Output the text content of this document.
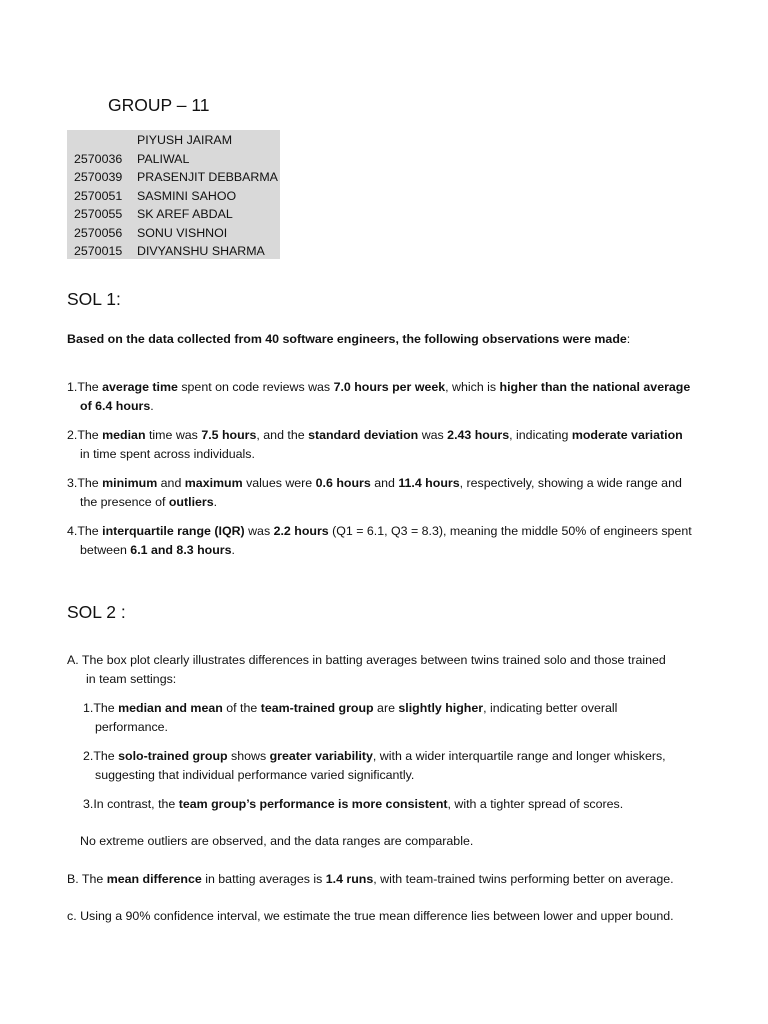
GROUP – 11
PIYUSH JAIRAM
2570036 PALIWAL
2570039 PRASENJIT DEBBARMA
2570051 SASMINI SAHOO
2570055 SK AREF ABDAL
2570056 SONU VISHNOI
2570015 DIVYANSHU SHARMA
SOL 1:

Based on the data collected from 40 software engineers, the following observations were made:

1.The average time spent on code reviews was 7.0 hours per week, which is higher than the national average

of 6.4 hours.

2.The median time was 7.5 hours, and the standard deviation was 2.43 hours, indicating moderate variation

in time spent across individuals.

3.The minimum and maximum values were 0.6 hours and 11.4 hours, respectively, showing a wide range and

the presence of outliers.

4.The interquartile range (IQR) was 2.2 hours (Q1 = 6.1, Q3 = 8.3), meaning the middle 50% of engineers spent

between 6.1 and 8.3 hours.

SOL 2 :

A. The box plot clearly illustrates differences in batting averages between twins trained solo and those trained

in team settings:

1.The median and mean of the team-trained group are slightly higher, indicating better overall

performance.

2.The solo-trained group shows greater variability, with a wider interquartile range and longer whiskers,

suggesting that individual performance varied significantly.

3.In contrast, the team group’s performance is more consistent, with a tighter spread of scores.

No extreme outliers are observed, and the data ranges are comparable.

B. The mean difference in batting averages is 1.4 runs, with team-trained twins performing better on average.

c. Using a 90% confidence interval, we estimate the true mean difference lies between lower and upper bound.
